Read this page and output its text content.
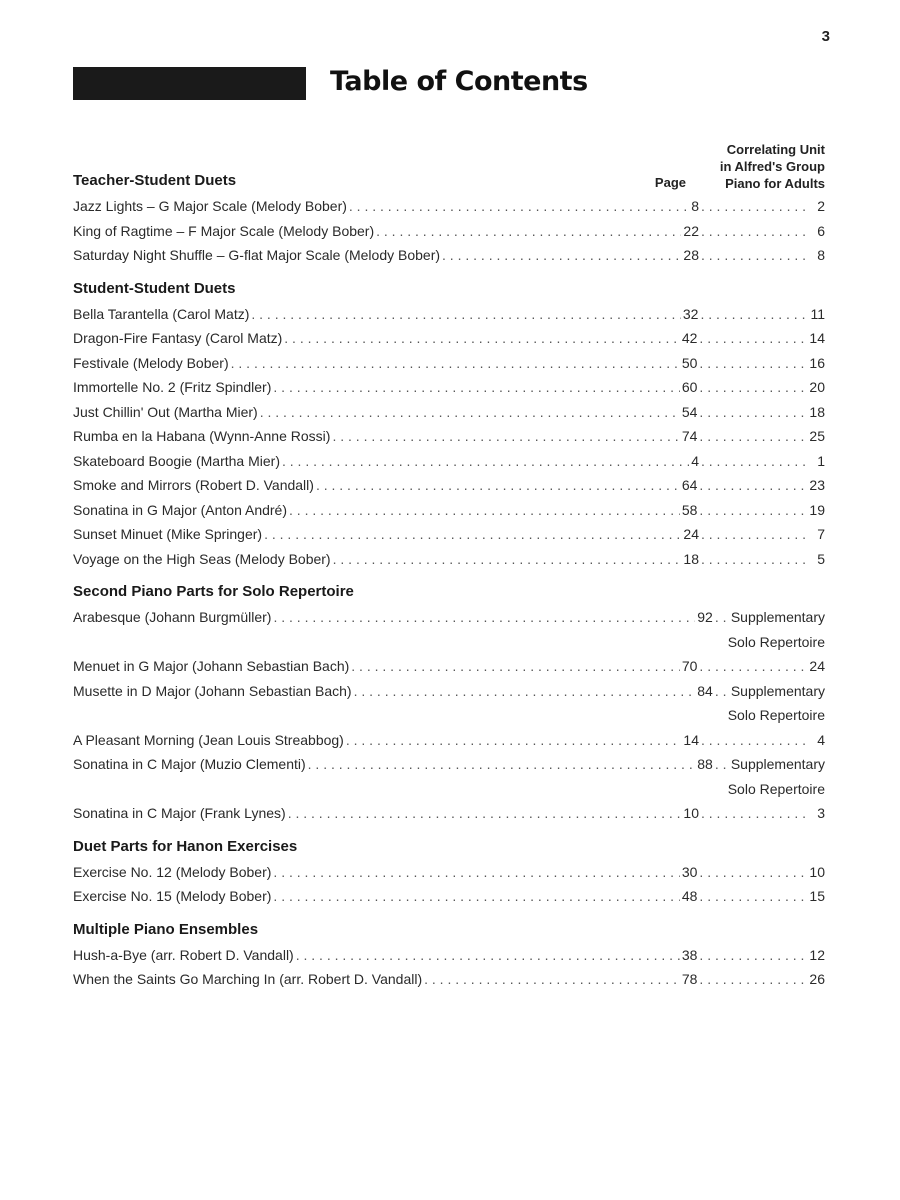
3
Table of Contents
Page
Correlating Unit
in Alfred's Group
Piano for Adults
Teacher-Student Duets
Jazz Lights – G Major Scale (Melody Bober) . . .	8 . . .	2
King of Ragtime – F Major Scale (Melody Bober) . . .	22 . . .	6
Saturday Night Shuffle – G-flat Major Scale (Melody Bober) . . .	28 . . .	8
Student-Student Duets
Bella Tarantella (Carol Matz) . . .	32 . . .	11
Dragon-Fire Fantasy (Carol Matz) . . .	42 . . .	14
Festivale (Melody Bober) . . .	50 . . .	16
Immortelle No. 2 (Fritz Spindler) . . .	60 . . .	20
Just Chillin' Out (Martha Mier) . . .	54 . . .	18
Rumba en la Habana (Wynn-Anne Rossi) . . .	74 . . .	25
Skateboard Boogie (Martha Mier) . . .	4 . . .	1
Smoke and Mirrors (Robert D. Vandall) . . .	64 . . .	23
Sonatina in G Major (Anton André) . . .	58 . . .	19
Sunset Minuet (Mike Springer) . . .	24 . . .	7
Voyage on the High Seas (Melody Bober) . . .	18 . . .	5
Second Piano Parts for Solo Repertoire
Arabesque (Johann Burgmüller) . . .	92 . . . Supplementary
Solo Repertoire
Menuet in G Major (Johann Sebastian Bach) . . .	70 . . .	24
Musette in D Major (Johann Sebastian Bach) . . .	84 . . . Supplementary
Solo Repertoire
A Pleasant Morning (Jean Louis Streabbog) . . .	14 . . .	4
Sonatina in C Major (Muzio Clementi) . . .	88 . . . Supplementary
Solo Repertoire
Sonatina in C Major (Frank Lynes) . . .	10 . . .	3
Duet Parts for Hanon Exercises
Exercise No. 12 (Melody Bober) . . .	30 . . .	10
Exercise No. 15 (Melody Bober) . . .	48 . . .	15
Multiple Piano Ensembles
Hush-a-Bye (arr. Robert D. Vandall) . . .	38 . . .	12
When the Saints Go Marching In (arr. Robert D. Vandall) . . .	78 . . .	26
